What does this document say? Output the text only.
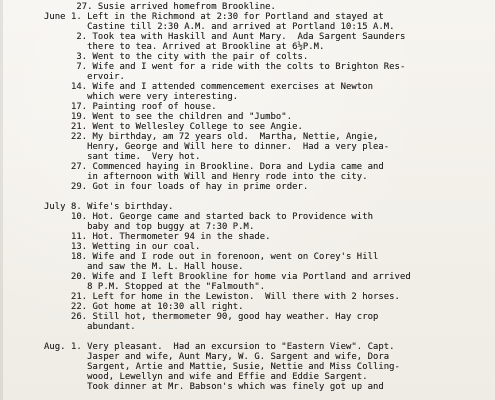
27. Susie arrived homefrom Brookline.
June 1. Left in the Richmond at 2:30 for Portland and stayed at
Castine till 2:30 A.M. and arrived at Portland 10:15 A.M.
2. Took tea with Haskill and Aunt Mary.  Ada Sargent Saunders
there to tea. Arrived at Brookline at 6½P.M.
3. Went to the city with the pair of colts.
7. Wife and I went for a ride with the colts to Brighton Res-
ervoir.
14. Wife and I attended commencement exercises at Newton
which were very interesting.
17. Painting roof of house.
19. Went to see the children and "Jumbo".
21. Went to Wellesley College to see Angie.
22. My birthday, am 72 years old.  Martha, Nettie, Angie,
Henry, George and Will here to dinner.  Had a very plea-
sant time.  Very hot.
27. Commenced haying in Brookline. Dora and Lydia came and
in afternoon with Will and Henry rode into the city.
29. Got in four loads of hay in prime order.
July 8. Wife's birthday.
10. Hot. George came and started back to Providence with
baby and top buggy at 7:30 P.M.
11. Hot. Thermometer 94 in the shade.
13. Wetting in our coal.
18. Wife and I rode out in forenoon, went on Corey's Hill
and saw the M. L. Hall house.
20. Wife and I left Brookline for home via Portland and arrived
8 P.M. Stopped at the "Falmouth".
21. Left for home in the Lewiston.  Will there with 2 horses.
22. Got home at 10:30 all right.
26. Still hot, thermometer 90, good hay weather. Hay crop
abundant.
Aug. 1. Very pleasant.  Had an excursion to "Eastern View". Capt.
Jasper and wife, Aunt Mary, W. G. Sargent and wife, Dora
Sargent, Artie and Mattie, Susie, Nettie and Miss Colling-
wood, Lewellyn and wife and Effie and Eddie Sargent.
Took dinner at Mr. Babson's which was finely got up and
